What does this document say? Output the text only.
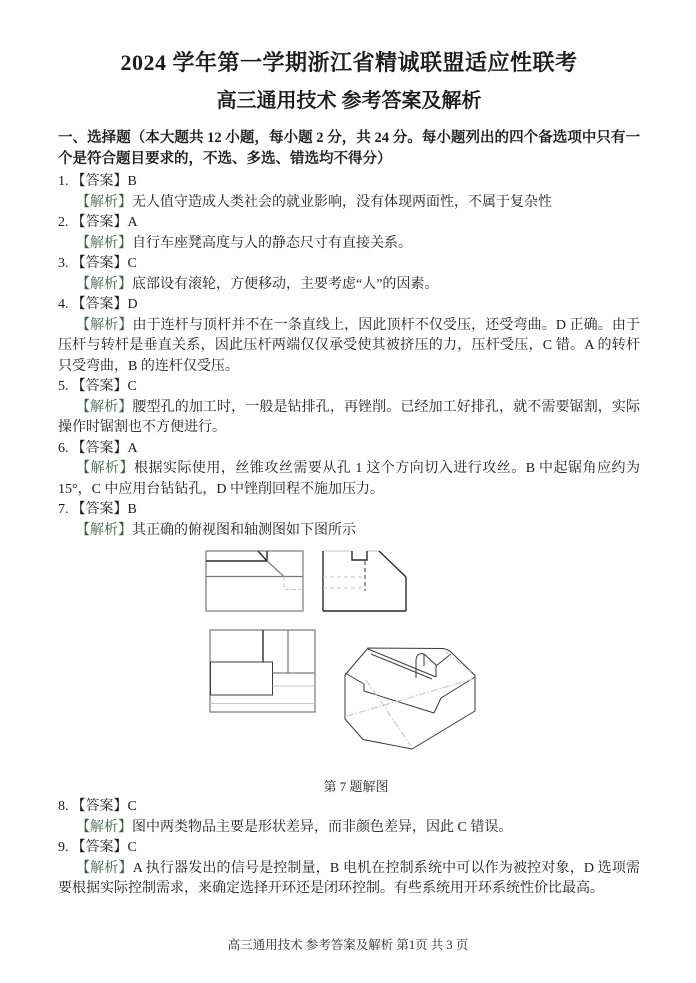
2024 学年第一学期浙江省精诚联盟适应性联考
高三通用技术 参考答案及解析

一、选择题（本大题共 12 小题，每小题 2 分，共 24 分。每小题列出的四个备选项中只有一个是符合题目要求的，不选、多选、错选均不得分）

1. 【答案】B

【解析】无人值守造成人类社会的就业影响，没有体现两面性，不属于复杂性

2. 【答案】A

【解析】自行车座凳高度与人的静态尺寸有直接关系。

3. 【答案】C

【解析】底部设有滚轮，方便移动，主要考虑“人”的因素。

4. 【答案】D

【解析】由于连杆与顶杆并不在一条直线上，因此顶杆不仅受压，还受弯曲。D 正确。由于压杆与转杆是垂直关系，因此压杆两端仅仅承受使其被挤压的力，压杆受压，C 错。A 的转杆只受弯曲，B 的连杆仅受压。

5. 【答案】C

【解析】腰型孔的加工时，一般是钻排孔，再锉削。已经加工好排孔，就不需要锯割，实际操作时锯割也不方便进行。

6. 【答案】A

【解析】根据实际使用，丝锥攻丝需要从孔 1 这个方向切入进行攻丝。B 中起锯角应约为 15°，C 中应用台钻钻孔，D 中锉削回程不施加压力。

7. 【答案】B

【解析】其正确的俯视图和轴测图如下图所示

第 7 题解图
8. 【答案】C

【解析】图中两类物品主要是形状差异，而非颜色差异，因此 C 错误。

9. 【答案】C

【解析】A 执行器发出的信号是控制量，B 电机在控制系统中可以作为被控对象，D 选项需要根据实际控制需求，来确定选择开环还是闭环控制。有些系统用开环系统性价比最高。

高三通用技术 参考答案及解析 第1页 共 3 页
